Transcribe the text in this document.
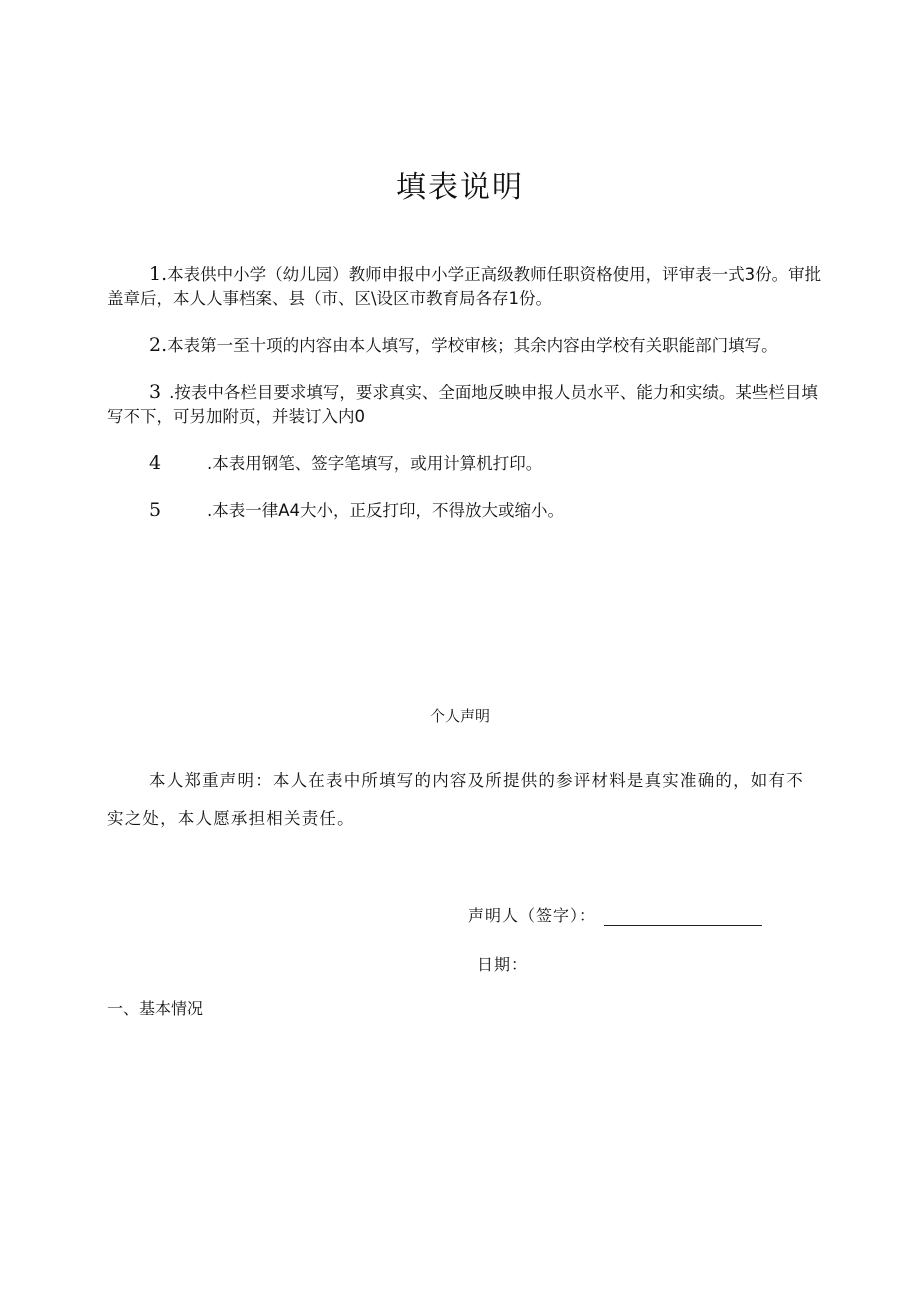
填表说明

1.本表供中小学（幼儿园）教师申报中小学正高级教师任职资格使用，评审表一式3份。审批盖章后，本人人事档案、县（市、区\设区市教育局各存1份。

2.本表第一至十项的内容由本人填写，学校审核；其余内容由学校有关职能部门填写。

3 .按表中各栏目要求填写，要求真实、全面地反映申报人员水平、能力和实绩。某些栏目填写不下，可另加附页，并装订入内0

4	.本表用钢笔、签字笔填写，或用计算机打印。

5	.本表一律A4大小，正反打印，不得放大或缩小。

个人声明

本人郑重声明：本人在表中所填写的内容及所提供的参评材料是真实准确的，如有不实之处，本人愿承担相关责任。

声明人（签字）：
日期：
一、基本情况
